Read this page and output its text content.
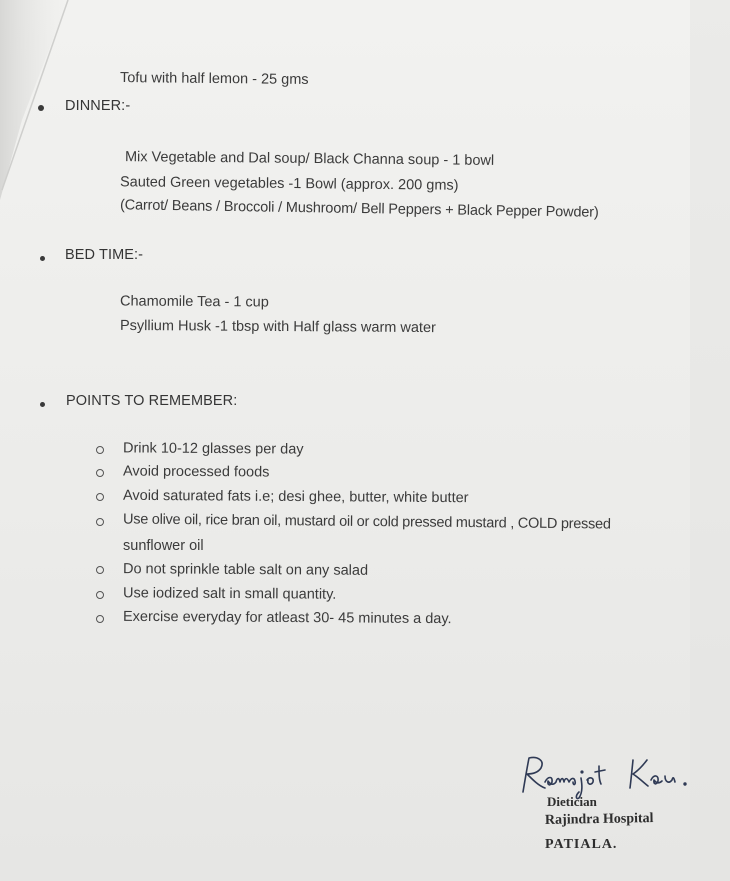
Tofu with half lemon - 25 gms
DINNER:-
Mix Vegetable and Dal soup/ Black Channa soup - 1 bowl
Sauted Green vegetables -1 Bowl (approx. 200 gms)
(Carrot/ Beans / Broccoli / Mushroom/ Bell Peppers + Black Pepper Powder)
BED TIME:-
Chamomile Tea - 1 cup
Psyllium Husk -1 tbsp with Half glass warm water
POINTS TO REMEMBER:
Drink 10-12 glasses per day
Avoid processed foods
Avoid saturated fats i.e; desi ghee, butter, white butter
Use olive oil, rice bran oil, mustard oil or cold pressed mustard , COLD pressed
sunflower oil
Do not sprinkle table salt on any salad
Use iodized salt in small quantity.
Exercise everyday for atleast 30- 45 minutes a day.
Dietician
Rajindra Hospital
PATIALA.
